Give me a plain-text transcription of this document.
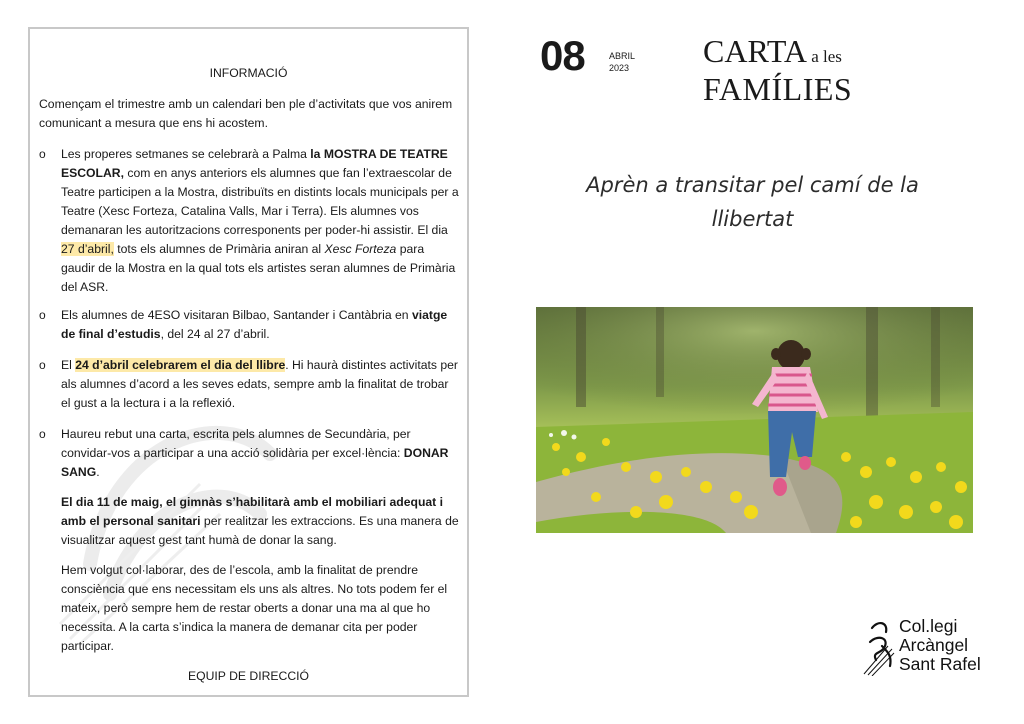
INFORMACIÓ
Començam el trimestre amb un calendari ben ple d’activitats que vos anirem comunicant a mesura que ens hi acostem.
o	Les properes setmanes se celebrarà a Palma la MOSTRA DE TEATRE ESCOLAR, com en anys anteriors els alumnes que fan l’extraescolar de Teatre participen a la Mostra, distribuïts en distints locals municipals per a Teatre (Xesc Forteza, Catalina Valls, Mar i Terra). Els alumnes vos demanaran les autoritzacions corresponents per poder-hi assistir. El dia 27 d’abril, tots els alumnes de Primària aniran al Xesc Forteza para gaudir de la Mostra en la qual tots els artistes seran alumnes de Primària del ASR.
o	Els alumnes de 4ESO visitaran Bilbao, Santander i Cantàbria en viatge de final d’estudis, del 24 al 27 d’abril.
o	El 24 d’abril celebrarem el dia del llibre. Hi haurà distintes activitats per als alumnes d’acord a les seves edats, sempre amb la finalitat de trobar el gust a la lectura i a la reflexió.
o	Haureu rebut una carta, escrita pels alumnes de Secundària, per convidar-vos a participar a una acció solidària per excel·lència: DONAR SANG.
El dia 11 de maig, el gimnàs s’habilitarà amb el mobiliari adequat i amb el personal sanitari per realitzar les extraccions. Es una manera de visualitzar aquest gest tant humà de donar la sang.
Hem volgut col·laborar, des de l’escola, amb la finalitat de prendre consciència que ens necessitam els uns als altres. No tots podem fer el mateix, però sempre hem de restar oberts a donar una ma al que ho necessita. A la carta s’indica la manera de demanar cita per poder participar.
EQUIP DE DIRECCIÓ
08	ABRIL
2023 CARTA a les
FAMÍLIES
Aprèn a transitar pel camí de la llibertat
Col.legi
Arcàngel
Sant Rafel
